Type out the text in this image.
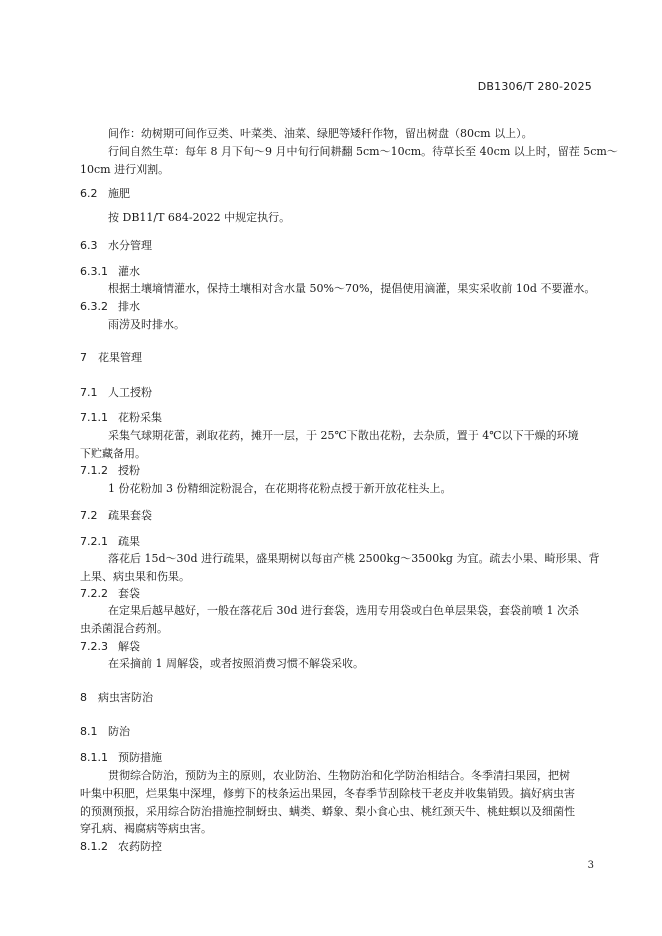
DB1306/T 280-2025
间作：幼树期可间作豆类、叶菜类、油菜、绿肥等矮秆作物，留出树盘（80cm 以上）。
行间自然生草：每年 8 月下旬～9 月中旬行间耕翻 5cm～10cm。待草长至 40cm 以上时，留茬 5cm～
10cm 进行刈割。
6.2 施肥
按 DB11/T 684-2022 中规定执行。
6.3 水分管理
6.3.1 灌水
根据土壤墒情灌水，保持土壤相对含水量 50%～70%，提倡使用滴灌，果实采收前 10d 不要灌水。
6.3.2 排水
雨涝及时排水。
7 花果管理
7.1 人工授粉
7.1.1 花粉采集
采集气球期花蕾，剥取花药，摊开一层，于 25℃下散出花粉，去杂质，置于 4℃以下干燥的环境
下贮藏备用。
7.1.2 授粉
1 份花粉加 3 份精细淀粉混合，在花期将花粉点授于新开放花柱头上。
7.2 疏果套袋
7.2.1 疏果
落花后 15d～30d 进行疏果，盛果期树以每亩产桃 2500kg～3500kg 为宜。疏去小果、畸形果、背
上果、病虫果和伤果。
7.2.2 套袋
在定果后越早越好，一般在落花后 30d 进行套袋，选用专用袋或白色单层果袋，套袋前喷 1 次杀
虫杀菌混合药剂。
7.2.3 解袋
在采摘前 1 周解袋，或者按照消费习惯不解袋采收。
8 病虫害防治
8.1 防治
8.1.1 预防措施
贯彻综合防治，预防为主的原则，农业防治、生物防治和化学防治相结合。冬季清扫果园，把树
叶集中积肥，烂果集中深埋，修剪下的枝条运出果园，冬春季节刮除枝干老皮并收集销毁。搞好病虫害
的预测预报，采用综合防治措施控制蚜虫、螨类、蟒象、梨小食心虫、桃红颈天牛、桃蛀螟以及细菌性
穿孔病、褐腐病等病虫害。
8.1.2 农药防控
3
